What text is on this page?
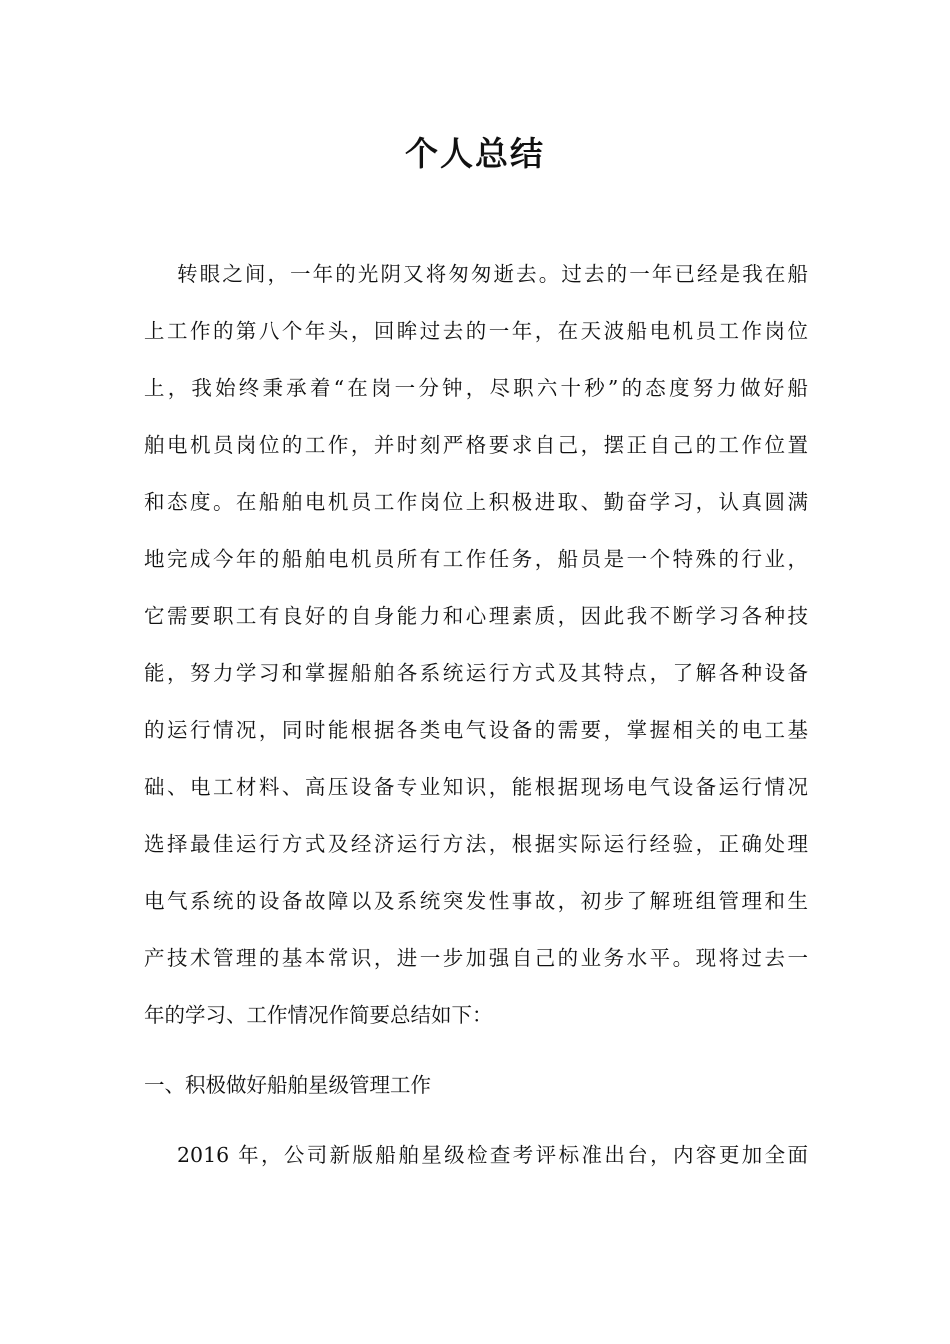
个人总结
转眼之间，一年的光阴又将匆匆逝去。过去的一年已经是我在船
上工作的第八个年头，回眸过去的一年，在天波船电机员工作岗位
上，我始终秉承着“在岗一分钟，尽职六十秒”的态度努力做好船
舶电机员岗位的工作，并时刻严格要求自己，摆正自己的工作位置
和态度。在船舶电机员工作岗位上积极进取、勤奋学习，认真圆满
地完成今年的船舶电机员所有工作任务，船员是一个特殊的行业，
它需要职工有良好的自身能力和心理素质，因此我不断学习各种技
能，努力学习和掌握船舶各系统运行方式及其特点，了解各种设备
的运行情况，同时能根据各类电气设备的需要，掌握相关的电工基
础、电工材料、高压设备专业知识，能根据现场电气设备运行情况
选择最佳运行方式及经济运行方法，根据实际运行经验，正确处理
电气系统的设备故障以及系统突发性事故，初步了解班组管理和生
产技术管理的基本常识，进一步加强自己的业务水平。现将过去一
年的学习、工作情况作简要总结如下：
一、积极做好船舶星级管理工作
2016 年，公司新版船舶星级检查考评标准出台，内容更加全面
